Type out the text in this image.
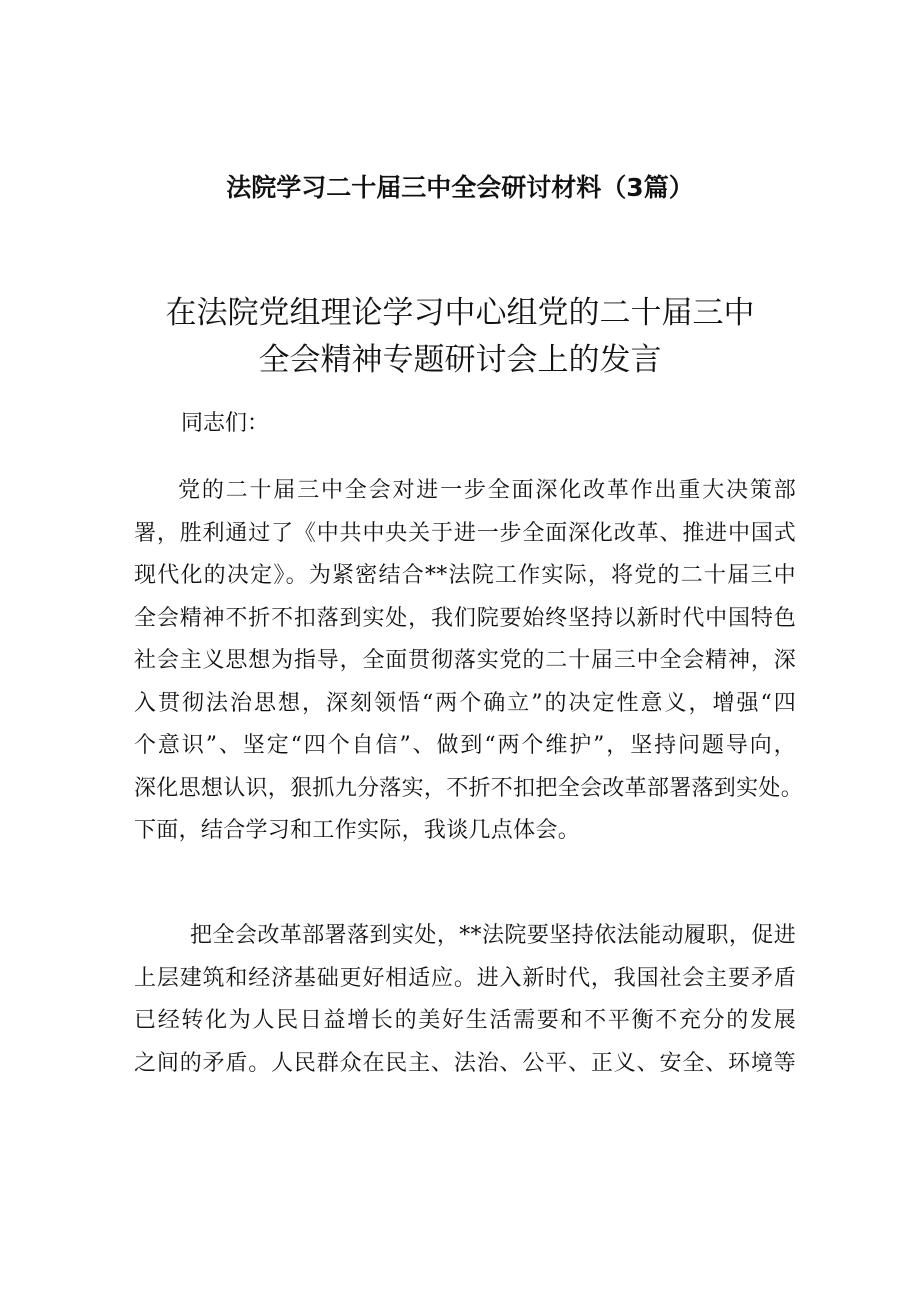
法院学习二十届三中全会研讨材料（3篇）
在法院党组理论学习中心组党的二十届三中
全会精神专题研讨会上的发言

同志们：

党的二十届三中全会对进一步全面深化改革作出重大决策部
署，胜利通过了《中共中央关于进一步全面深化改革、推进中国式
现代化的决定》。为紧密结合**法院工作实际，将党的二十届三中
全会精神不折不扣落到实处，我们院要始终坚持以新时代中国特色
社会主义思想为指导，全面贯彻落实党的二十届三中全会精神，深
入贯彻法治思想，深刻领悟“两个确立”的决定性意义，增强“四
个意识”、坚定“四个自信”、做到“两个维护”，坚持问题导向，
深化思想认识，狠抓九分落实，不折不扣把全会改革部署落到实处。
下面，结合学习和工作实际，我谈几点体会。
把全会改革部署落到实处，**法院要坚持依法能动履职，促进
上层建筑和经济基础更好相适应。进入新时代，我国社会主要矛盾
已经转化为人民日益增长的美好生活需要和不平衡不充分的发展
之间的矛盾。人民群众在民主、法治、公平、正义、安全、环境等
